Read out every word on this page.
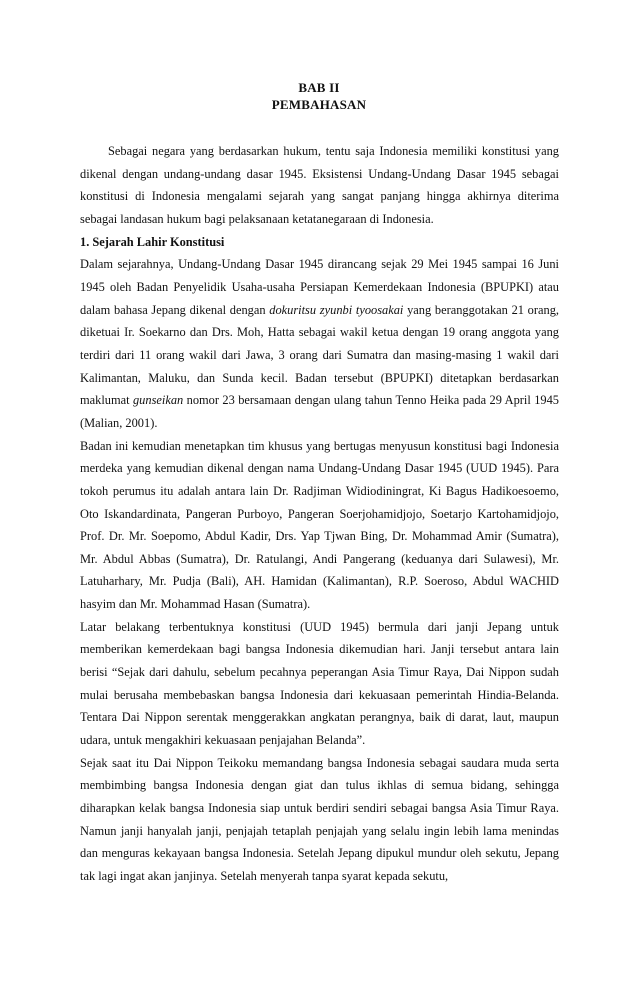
BAB II
PEMBAHASAN

Sebagai negara yang berdasarkan hukum, tentu saja Indonesia memiliki konstitusi yang dikenal dengan undang-undang dasar 1945. Eksistensi Undang-Undang Dasar 1945 sebagai konstitusi di Indonesia mengalami sejarah yang sangat panjang hingga akhirnya diterima sebagai landasan hukum bagi pelaksanaan ketatanegaraan di Indonesia.

1. Sejarah Lahir Konstitusi

Dalam sejarahnya, Undang-Undang Dasar 1945 dirancang sejak 29 Mei 1945 sampai 16 Juni 1945 oleh Badan Penyelidik Usaha-usaha Persiapan Kemerdekaan Indonesia (BPUPKI) atau dalam bahasa Jepang dikenal dengan dokuritsu zyunbi tyoosakai yang beranggotakan 21 orang, diketuai Ir. Soekarno dan Drs. Moh, Hatta sebagai wakil ketua dengan 19 orang anggota yang terdiri dari 11 orang wakil dari Jawa, 3 orang dari Sumatra dan masing-masing 1 wakil dari Kalimantan, Maluku, dan Sunda kecil. Badan tersebut (BPUPKI) ditetapkan berdasarkan maklumat gunseikan nomor 23 bersamaan dengan ulang tahun Tenno Heika pada 29 April 1945 (Malian, 2001).

Badan ini kemudian menetapkan tim khusus yang bertugas menyusun konstitusi bagi Indonesia merdeka yang kemudian dikenal dengan nama Undang-Undang Dasar 1945 (UUD 1945). Para tokoh perumus itu adalah antara lain Dr. Radjiman Widiodiningrat, Ki Bagus Hadikoesoemo, Oto Iskandardinata, Pangeran Purboyo, Pangeran Soerjohamidjojo, Soetarjo Kartohamidjojo, Prof. Dr. Mr. Soepomo, Abdul Kadir, Drs. Yap Tjwan Bing, Dr. Mohammad Amir (Sumatra), Mr. Abdul Abbas (Sumatra), Dr. Ratulangi, Andi Pangerang (keduanya dari Sulawesi), Mr. Latuharhary, Mr. Pudja (Bali), AH. Hamidan (Kalimantan), R.P. Soeroso, Abdul WACHID hasyim dan Mr. Mohammad Hasan (Sumatra).

Latar belakang terbentuknya konstitusi (UUD 1945) bermula dari janji Jepang untuk memberikan kemerdekaan bagi bangsa Indonesia dikemudian hari. Janji tersebut antara lain berisi “Sejak dari dahulu, sebelum pecahnya peperangan Asia Timur Raya, Dai Nippon sudah mulai berusaha membebaskan bangsa Indonesia dari kekuasaan pemerintah Hindia-Belanda. Tentara Dai Nippon serentak menggerakkan angkatan perangnya, baik di darat, laut, maupun udara, untuk mengakhiri kekuasaan penjajahan Belanda”.

Sejak saat itu Dai Nippon Teikoku memandang bangsa Indonesia sebagai saudara muda serta membimbing bangsa Indonesia dengan giat dan tulus ikhlas di semua bidang, sehingga diharapkan kelak bangsa Indonesia siap untuk berdiri sendiri sebagai bangsa Asia Timur Raya. Namun janji hanyalah janji, penjajah tetaplah penjajah yang selalu ingin lebih lama menindas dan menguras kekayaan bangsa Indonesia. Setelah Jepang dipukul mundur oleh sekutu, Jepang tak lagi ingat akan janjinya. Setelah menyerah tanpa syarat kepada sekutu,
